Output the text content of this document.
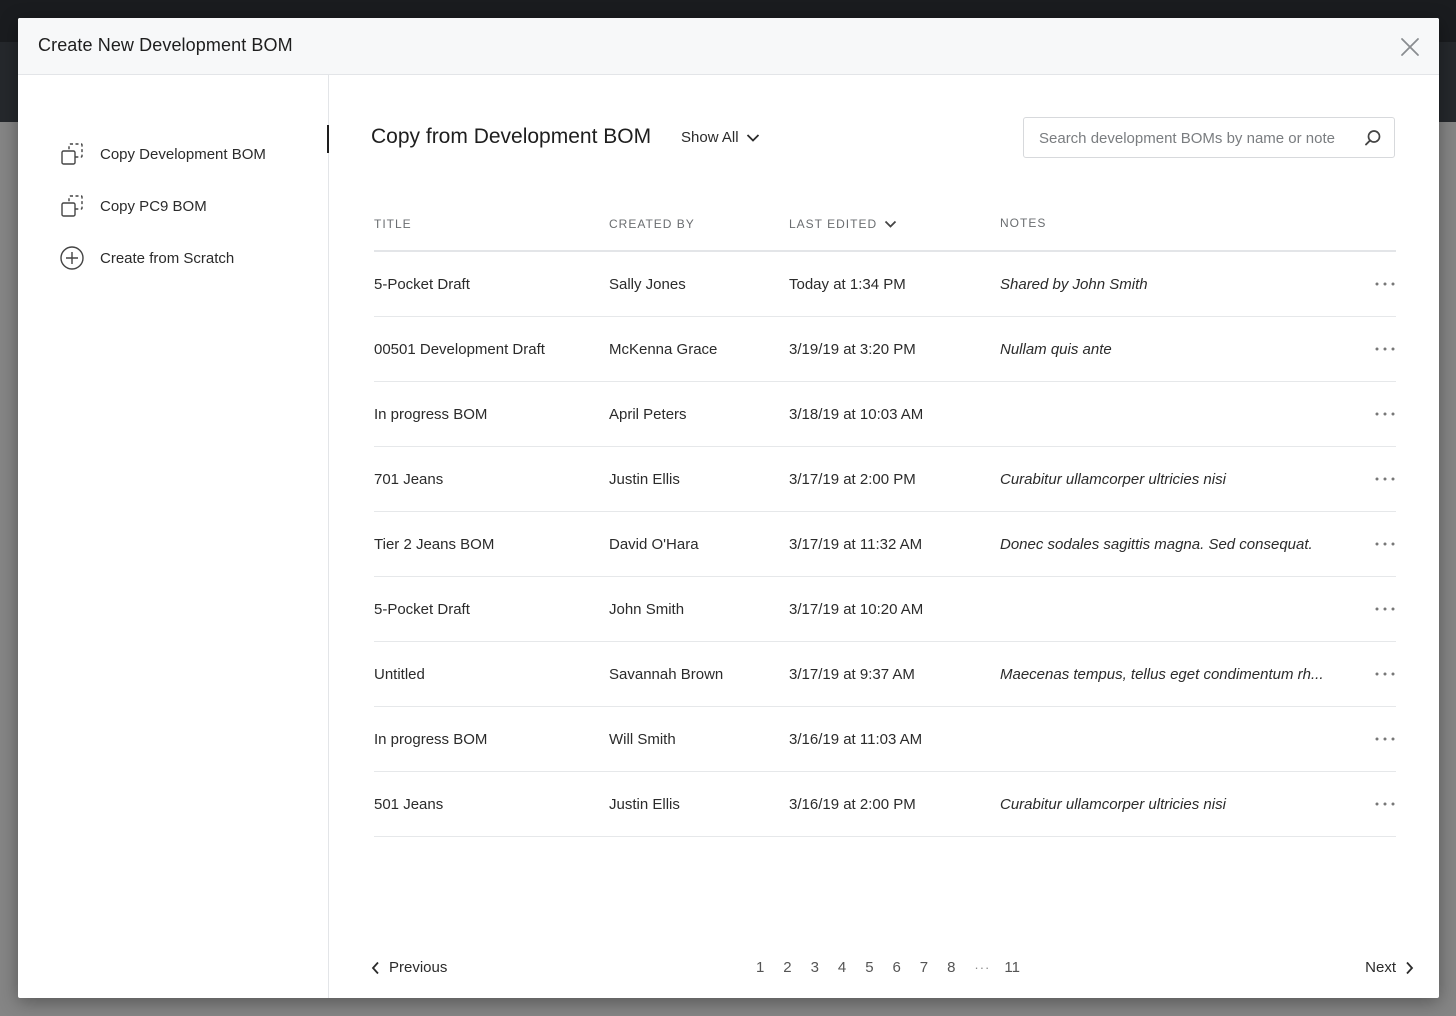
Create New Development BOM
Copy Development BOM
Copy PC9 BOM
Create from Scratch
Copy from Development BOM Show All
Search development BOMs by name or note
TITLE	CREATED BY	LAST EDITED	NOTES
5-Pocket Draft	Sally Jones	Today at 1:34 PM	Shared by John Smith
00501 Development Draft	McKenna Grace	3/19/19 at 3:20 PM	Nullam quis ante
In progress BOM	April Peters	3/18/19 at 10:03 AM
701 Jeans	Justin Ellis	3/17/19 at 2:00 PM	Curabitur ullamcorper ultricies nisi
Tier 2 Jeans BOM	David O'Hara	3/17/19 at 11:32 AM	Donec sodales sagittis magna. Sed consequat.
5-Pocket Draft	John Smith	3/17/19 at 10:20 AM
Untitled	Savannah Brown	3/17/19 at 9:37 AM	Maecenas tempus, tellus eget condimentum rh...
In progress BOM	Will Smith	3/16/19 at 11:03 AM
501 Jeans	Justin Ellis	3/16/19 at 2:00 PM	Curabitur ullamcorper ultricies nisi
Previous	1	2	3	4	5	6	7	8	··· 11	Next
